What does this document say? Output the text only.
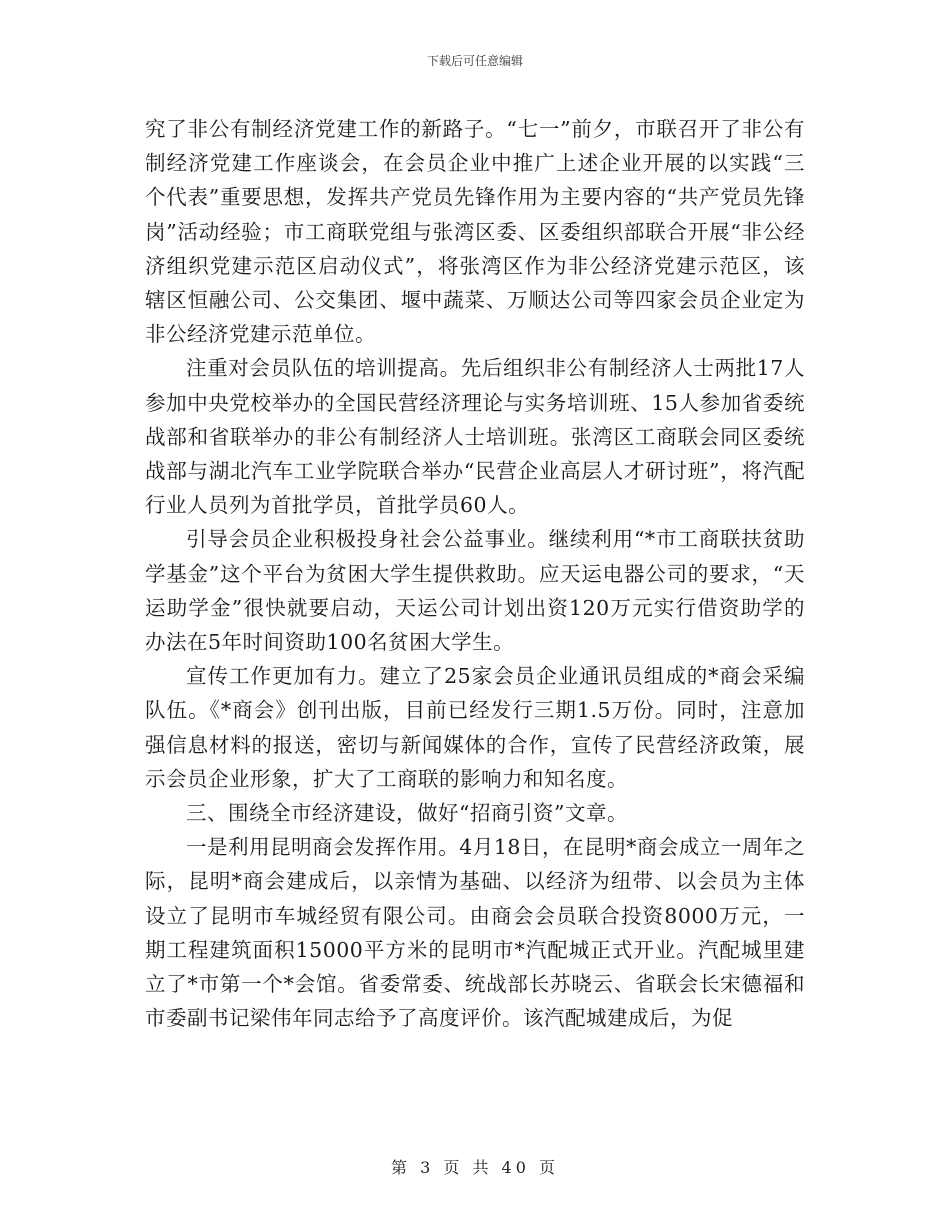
下载后可任意编辑

究了非公有制经济党建工作的新路子。“七一”前夕，市联召开了非公有制经济党建工作座谈会，在会员企业中推广上述企业开展的以实践“三个代表”重要思想，发挥共产党员先锋作用为主要内容的“共产党员先锋岗”活动经验；市工商联党组与张湾区委、区委组织部联合开展“非公经济组织党建示范区启动仪式”，将张湾区作为非公经济党建示范区，该辖区恒融公司、公交集团、堰中蔬菜、万顺达公司等四家会员企业定为非公经济党建示范单位。

注重对会员队伍的培训提高。先后组织非公有制经济人士两批17人参加中央党校举办的全国民营经济理论与实务培训班、15人参加省委统战部和省联举办的非公有制经济人士培训班。张湾区工商联会同区委统战部与湖北汽车工业学院联合举办“民营企业高层人才研讨班”，将汽配行业人员列为首批学员，首批学员60人。

引导会员企业积极投身社会公益事业。继续利用“*市工商联扶贫助学基金”这个平台为贫困大学生提供救助。应天运电器公司的要求，“天运助学金”很快就要启动，天运公司计划出资120万元实行借资助学的办法在5年时间资助100名贫困大学生。

宣传工作更加有力。建立了25家会员企业通讯员组成的*商会采编队伍。《*商会》创刊出版，目前已经发行三期1.5万份。同时，注意加强信息材料的报送，密切与新闻媒体的合作，宣传了民营经济政策，展示会员企业形象，扩大了工商联的影响力和知名度。

三、围绕全市经济建设，做好“招商引资”文章。

一是利用昆明商会发挥作用。4月18日，在昆明*商会成立一周年之际，昆明*商会建成后，以亲情为基础、以经济为纽带、以会员为主体设立了昆明市车城经贸有限公司。由商会会员联合投资8000万元，一期工程建筑面积15000平方米的昆明市*汽配城正式开业。汽配城里建立了*市第一个*会馆。省委常委、统战部长苏晓云、省联会长宋德福和市委副书记梁伟年同志给予了高度评价。该汽配城建成后，为促

第 3 页 共 40 页
